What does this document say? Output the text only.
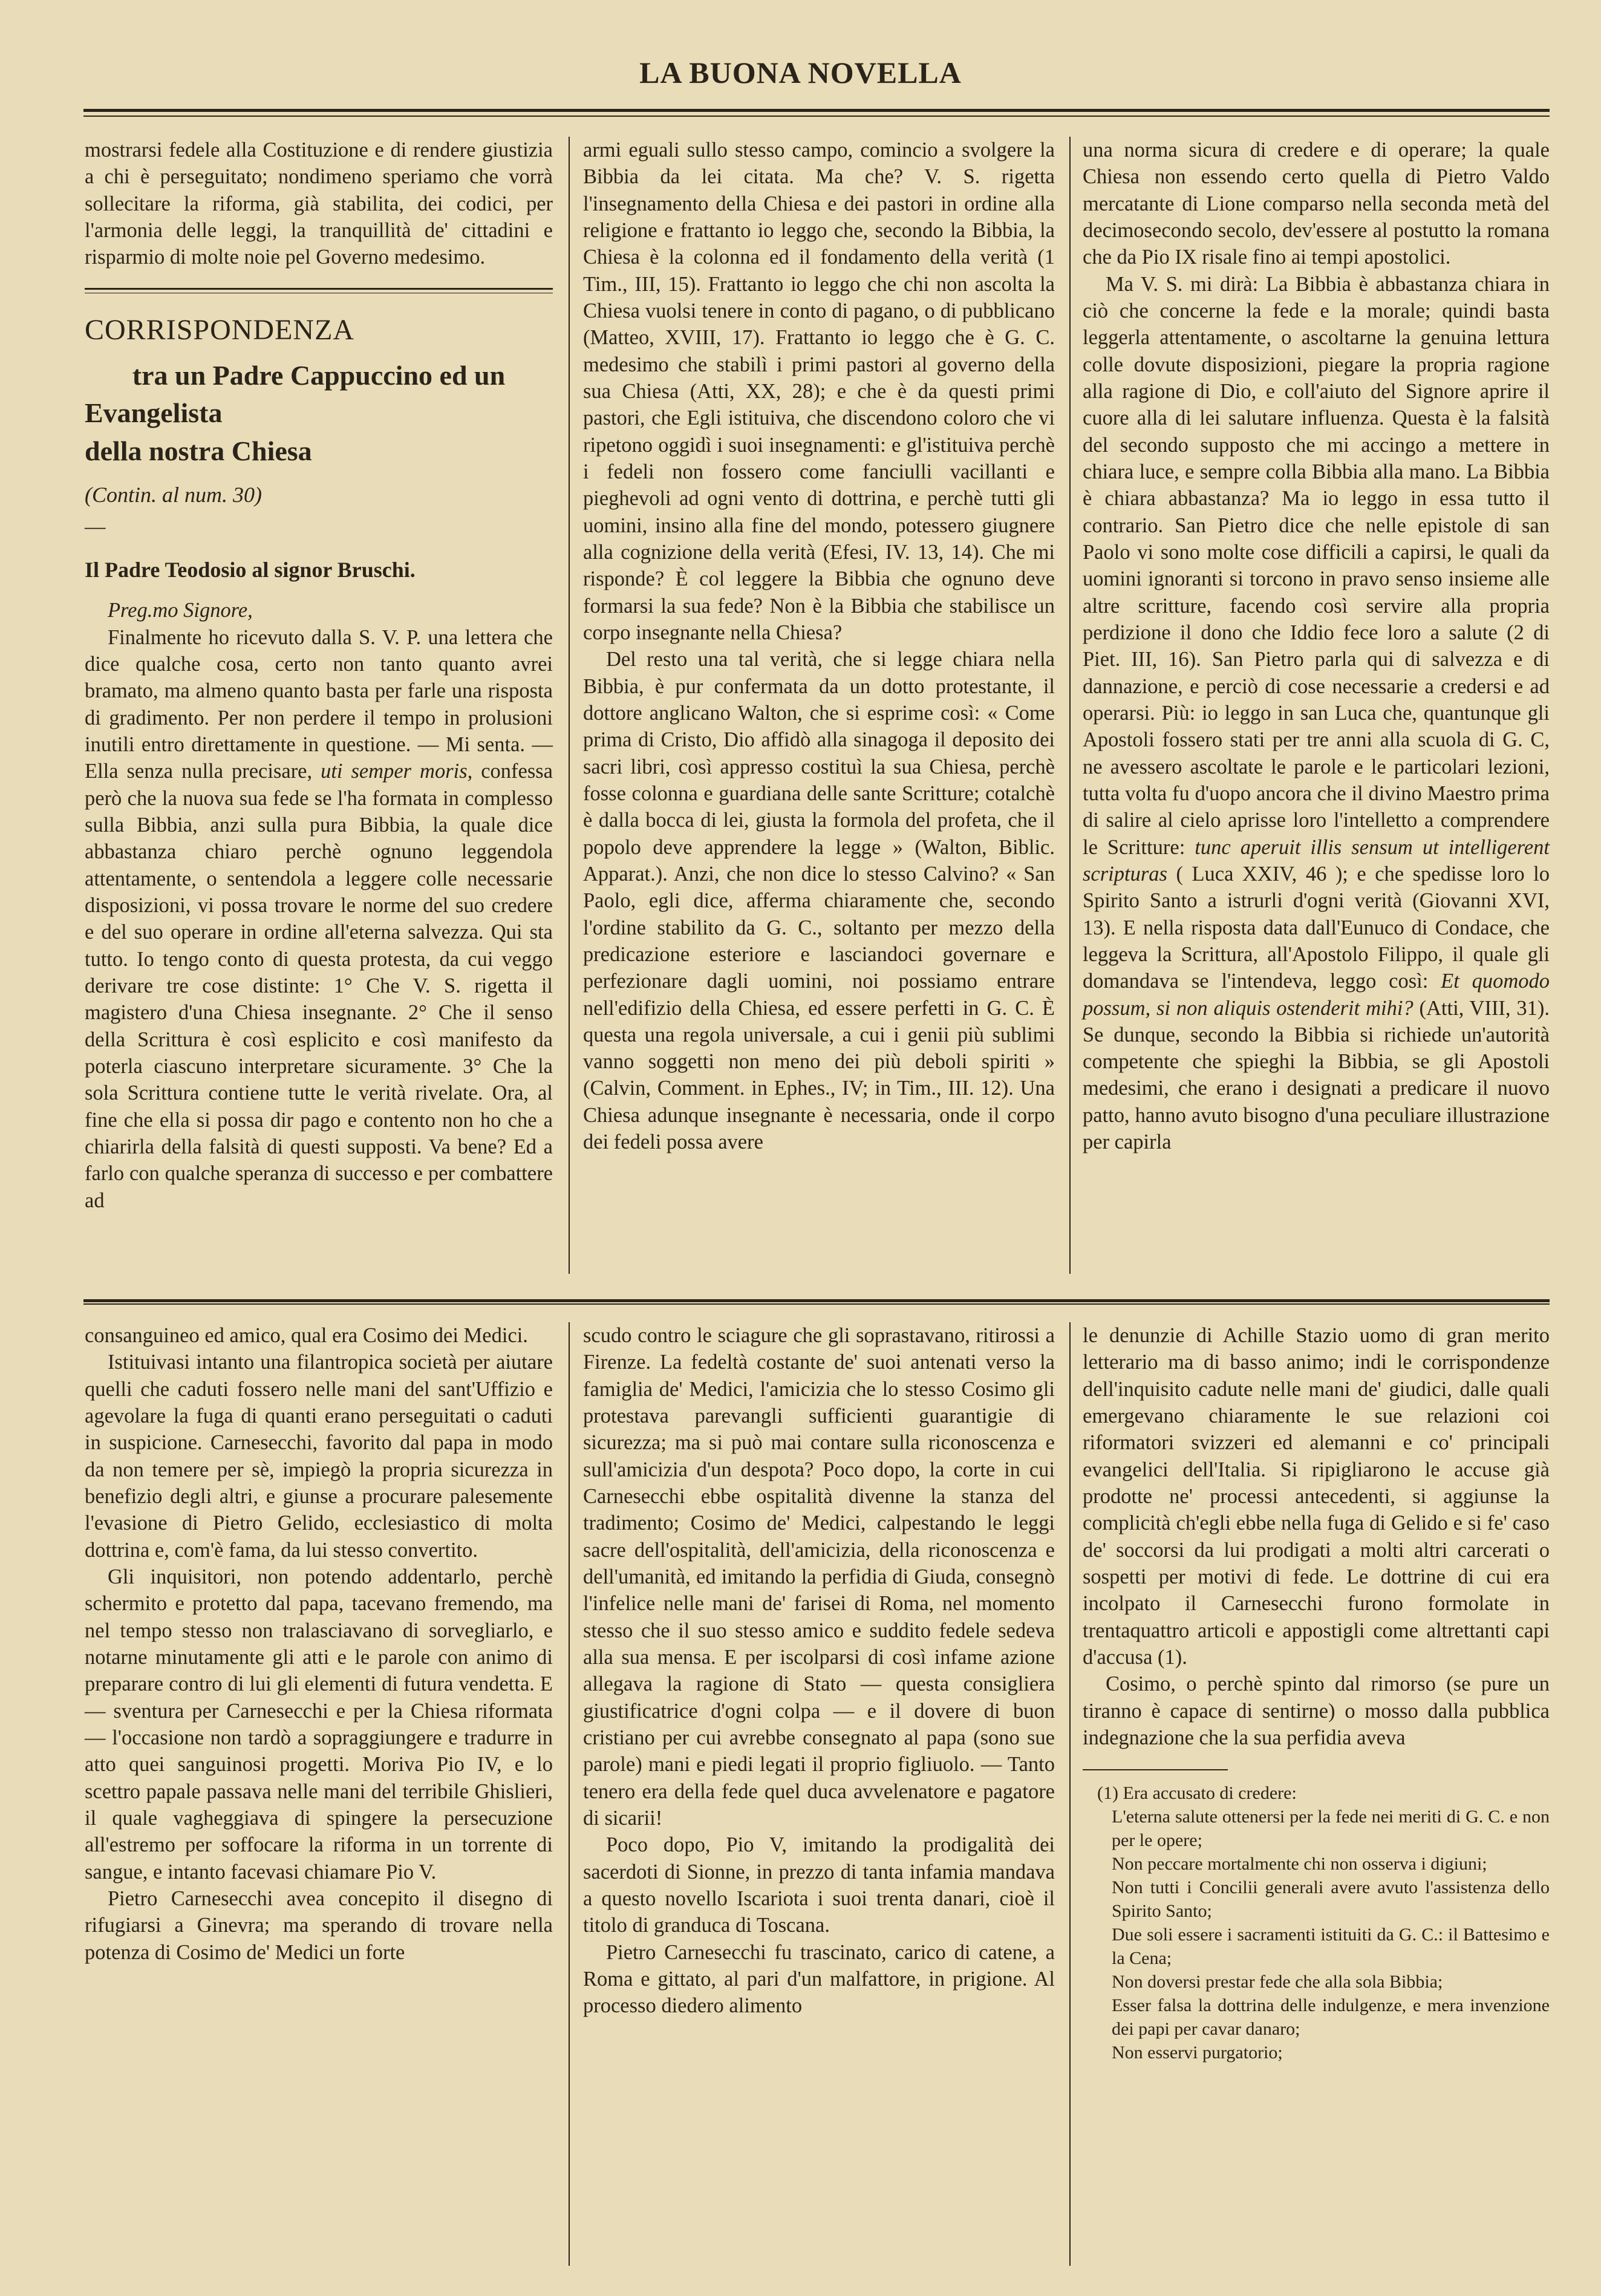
LA BUONA NOVELLA

mostrarsi fedele alla Costituzione e di rendere giustizia a chi è perseguitato; nondimeno speriamo che vorrà sollecitare la riforma, già stabilita, dei codici, per l'armonia delle leggi, la tranquillità de' cittadini e risparmio di molte noie pel Governo medesimo.

CORRISPONDENZA
tra un Padre Cappuccino ed un Evangelista
della nostra Chiesa
(Contin. al num. 30)
—
Il Padre Teodosio al signor Bruschi.

Preg.mo Signore,

Finalmente ho ricevuto dalla S. V. P. una lettera che dice qualche cosa, certo non tanto quanto avrei bramato, ma almeno quanto basta per farle una risposta di gradimento. Per non perdere il tempo in prolusioni inutili entro direttamente in questione. — Mi senta. — Ella senza nulla precisare, uti semper moris, confessa però che la nuova sua fede se l'ha formata in complesso sulla Bibbia, anzi sulla pura Bibbia, la quale dice abbastanza chiaro perchè ognuno leggendola attentamente, o sentendola a leggere colle necessarie disposizioni, vi possa trovare le norme del suo credere e del suo operare in ordine all'eterna salvezza. Qui sta tutto. Io tengo conto di questa protesta, da cui veggo derivare tre cose distinte: 1° Che V. S. rigetta il magistero d'una Chiesa insegnante. 2° Che il senso della Scrittura è così esplicito e così manifesto da poterla ciascuno interpretare sicuramente. 3° Che la sola Scrittura contiene tutte le verità rivelate. Ora, al fine che ella si possa dir pago e contento non ho che a chiarirla della falsità di questi supposti. Va bene? Ed a farlo con qualche speranza di successo e per combattere ad

armi eguali sullo stesso campo, comincio a svolgere la Bibbia da lei citata. Ma che? V. S. rigetta l'insegnamento della Chiesa e dei pastori in ordine alla religione e frattanto io leggo che, secondo la Bibbia, la Chiesa è la colonna ed il fondamento della verità (1 Tim., III, 15). Frattanto io leggo che chi non ascolta la Chiesa vuolsi tenere in conto di pagano, o di pubblicano (Matteo, XVIII, 17). Frattanto io leggo che è G. C. medesimo che stabilì i primi pastori al governo della sua Chiesa (Atti, XX, 28); e che è da questi primi pastori, che Egli istituiva, che discendono coloro che vi ripetono oggidì i suoi insegnamenti: e gl'istituiva perchè i fedeli non fossero come fanciulli vacillanti e pieghevoli ad ogni vento di dottrina, e perchè tutti gli uomini, insino alla fine del mondo, potessero giugnere alla cognizione della verità (Efesi, IV. 13, 14). Che mi risponde? È col leggere la Bibbia che ognuno deve formarsi la sua fede? Non è la Bibbia che stabilisce un corpo insegnante nella Chiesa?

Del resto una tal verità, che si legge chiara nella Bibbia, è pur confermata da un dotto protestante, il dottore anglicano Walton, che si esprime così: « Come prima di Cristo, Dio affidò alla sinagoga il deposito dei sacri libri, così appresso costituì la sua Chiesa, perchè fosse colonna e guardiana delle sante Scritture; cotalchè è dalla bocca di lei, giusta la formola del profeta, che il popolo deve apprendere la legge » (Walton, Biblic. Apparat.). Anzi, che non dice lo stesso Calvino? « San Paolo, egli dice, afferma chiaramente che, secondo l'ordine stabilito da G. C., soltanto per mezzo della predicazione esteriore e lasciandoci governare e perfezionare dagli uomini, noi possiamo entrare nell'edifizio della Chiesa, ed essere perfetti in G. C. È questa una regola universale, a cui i genii più sublimi vanno soggetti non meno dei più deboli spiriti » (Calvin, Comment. in Ephes., IV; in Tim., III. 12). Una Chiesa adunque insegnante è necessaria, onde il corpo dei fedeli possa avere

una norma sicura di credere e di operare; la quale Chiesa non essendo certo quella di Pietro Valdo mercatante di Lione comparso nella seconda metà del decimosecondo secolo, dev'essere al postutto la romana che da Pio IX risale fino ai tempi apostolici.

Ma V. S. mi dirà: La Bibbia è abbastanza chiara in ciò che concerne la fede e la morale; quindi basta leggerla attentamente, o ascoltarne la genuina lettura colle dovute disposizioni, piegare la propria ragione alla ragione di Dio, e coll'aiuto del Signore aprire il cuore alla di lei salutare influenza. Questa è la falsità del secondo supposto che mi accingo a mettere in chiara luce, e sempre colla Bibbia alla mano. La Bibbia è chiara abbastanza? Ma io leggo in essa tutto il contrario. San Pietro dice che nelle epistole di san Paolo vi sono molte cose difficili a capirsi, le quali da uomini ignoranti si torcono in pravo senso insieme alle altre scritture, facendo così servire alla propria perdizione il dono che Iddio fece loro a salute (2 di Piet. III, 16). San Pietro parla qui di salvezza e di dannazione, e perciò di cose necessarie a credersi e ad operarsi. Più: io leggo in san Luca che, quantunque gli Apostoli fossero stati per tre anni alla scuola di G. C, ne avessero ascoltate le parole e le particolari lezioni, tutta volta fu d'uopo ancora che il divino Maestro prima di salire al cielo aprisse loro l'intelletto a comprendere le Scritture: tunc aperuit illis sensum ut intelligerent scripturas ( Luca XXIV, 46 ); e che spedisse loro lo Spirito Santo a istrurli d'ogni verità (Giovanni XVI, 13). E nella risposta data dall'Eunuco di Condace, che leggeva la Scrittura, all'Apostolo Filippo, il quale gli domandava se l'intendeva, leggo così: Et quomodo possum, si non aliquis ostenderit mihi? (Atti, VIII, 31). Se dunque, secondo la Bibbia si richiede un'autorità competente che spieghi la Bibbia, se gli Apostoli medesimi, che erano i designati a predicare il nuovo patto, hanno avuto bisogno d'una peculiare illustrazione per capirla

consanguineo ed amico, qual era Cosimo dei Medici.

Istituivasi intanto una filantropica società per aiutare quelli che caduti fossero nelle mani del sant'Uffizio e agevolare la fuga di quanti erano perseguitati o caduti in suspicione. Carnesecchi, favorito dal papa in modo da non temere per sè, impiegò la propria sicurezza in benefizio degli altri, e giunse a procurare palesemente l'evasione di Pietro Gelido, ecclesiastico di molta dottrina e, com'è fama, da lui stesso convertito.

Gli inquisitori, non potendo addentarlo, perchè schermito e protetto dal papa, tacevano fremendo, ma nel tempo stesso non tralasciavano di sorvegliarlo, e notarne minutamente gli atti e le parole con animo di preparare contro di lui gli elementi di futura vendetta. E — sventura per Carnesecchi e per la Chiesa riformata — l'occasione non tardò a sopraggiungere e tradurre in atto quei sanguinosi progetti. Moriva Pio IV, e lo scettro papale passava nelle mani del terribile Ghislieri, il quale vagheggiava di spingere la persecuzione all'estremo per soffocare la riforma in un torrente di sangue, e intanto facevasi chiamare Pio V.

Pietro Carnesecchi avea concepito il disegno di rifugiarsi a Ginevra; ma sperando di trovare nella potenza di Cosimo de' Medici un forte

scudo contro le sciagure che gli soprastavano, ritirossi a Firenze. La fedeltà costante de' suoi antenati verso la famiglia de' Medici, l'amicizia che lo stesso Cosimo gli protestava parevangli sufficienti guarantigie di sicurezza; ma si può mai contare sulla riconoscenza e sull'amicizia d'un despota? Poco dopo, la corte in cui Carnesecchi ebbe ospitalità divenne la stanza del tradimento; Cosimo de' Medici, calpestando le leggi sacre dell'ospitalità, dell'amicizia, della riconoscenza e dell'umanità, ed imitando la perfidia di Giuda, consegnò l'infelice nelle mani de' farisei di Roma, nel momento stesso che il suo stesso amico e suddito fedele sedeva alla sua mensa. E per iscolparsi di così infame azione allegava la ragione di Stato — questa consigliera giustificatrice d'ogni colpa — e il dovere di buon cristiano per cui avrebbe consegnato al papa (sono sue parole) mani e piedi legati il proprio figliuolo. — Tanto tenero era della fede quel duca avvelenatore e pagatore di sicarii!

Poco dopo, Pio V, imitando la prodigalità dei sacerdoti di Sionne, in prezzo di tanta infamia mandava a questo novello Iscariota i suoi trenta danari, cioè il titolo di granduca di Toscana.

Pietro Carnesecchi fu trascinato, carico di catene, a Roma e gittato, al pari d'un malfattore, in prigione. Al processo diedero alimento

le denunzie di Achille Stazio uomo di gran merito letterario ma di basso animo; indi le corrispondenze dell'inquisito cadute nelle mani de' giudici, dalle quali emergevano chiaramente le sue relazioni coi riformatori svizzeri ed alemanni e co' principali evangelici dell'Italia. Si ripigliarono le accuse già prodotte ne' processi antecedenti, si aggiunse la complicità ch'egli ebbe nella fuga di Gelido e si fe' caso de' soccorsi da lui prodigati a molti altri carcerati o sospetti per motivi di fede. Le dottrine di cui era incolpato il Carnesecchi furono formolate in trentaquattro articoli e appostigli come altrettanti capi d'accusa (1).

Cosimo, o perchè spinto dal rimorso (se pure un tiranno è capace di sentirne) o mosso dalla pubblica indegnazione che la sua perfidia aveva

(1) Era accusato di credere:

L'eterna salute ottenersi per la fede nei meriti di G. C. e non per le opere;

Non peccare mortalmente chi non osserva i digiuni;

Non tutti i Concilii generali avere avuto l'assistenza dello Spirito Santo;

Due soli essere i sacramenti istituiti da G. C.: il Battesimo e la Cena;

Non doversi prestar fede che alla sola Bibbia;

Esser falsa la dottrina delle indulgenze, e mera invenzione dei papi per cavar danaro;

Non esservi purgatorio;
